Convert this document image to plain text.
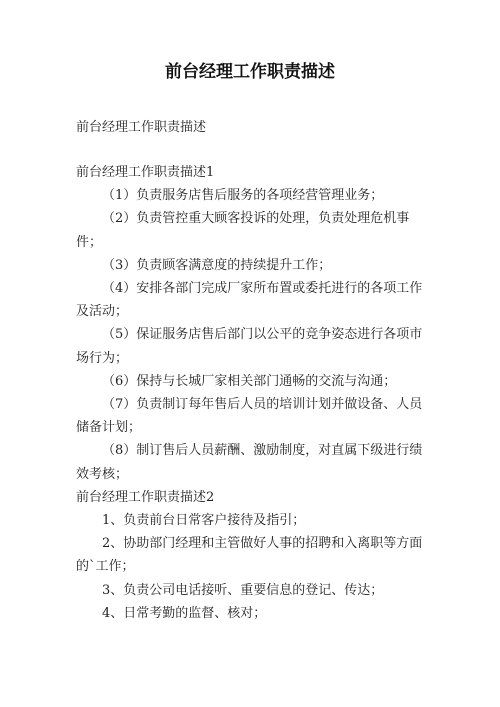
前台经理工作职责描述
前台经理工作职责描述

前台经理工作职责描述1

（1）负责服务店售后服务的各项经营管理业务；

（2）负责管控重大顾客投诉的处理，负责处理危机事件；

（3）负责顾客满意度的持续提升工作；

（4）安排各部门完成厂家所布置或委托进行的各项工作及活动；

（5）保证服务店售后部门以公平的竞争姿态进行各项市场行为；

（6）保持与长城厂家相关部门通畅的交流与沟通；

（7）负责制订每年售后人员的培训计划并做设备、人员储备计划；

（8）制订售后人员薪酬、激励制度，对直属下级进行绩效考核；

前台经理工作职责描述2

1、负责前台日常客户接待及指引；

2、协助部门经理和主管做好人事的招聘和入离职等方面的`工作；

3、负责公司电话接听、重要信息的登记、传达；

4、日常考勤的监督、核对；
